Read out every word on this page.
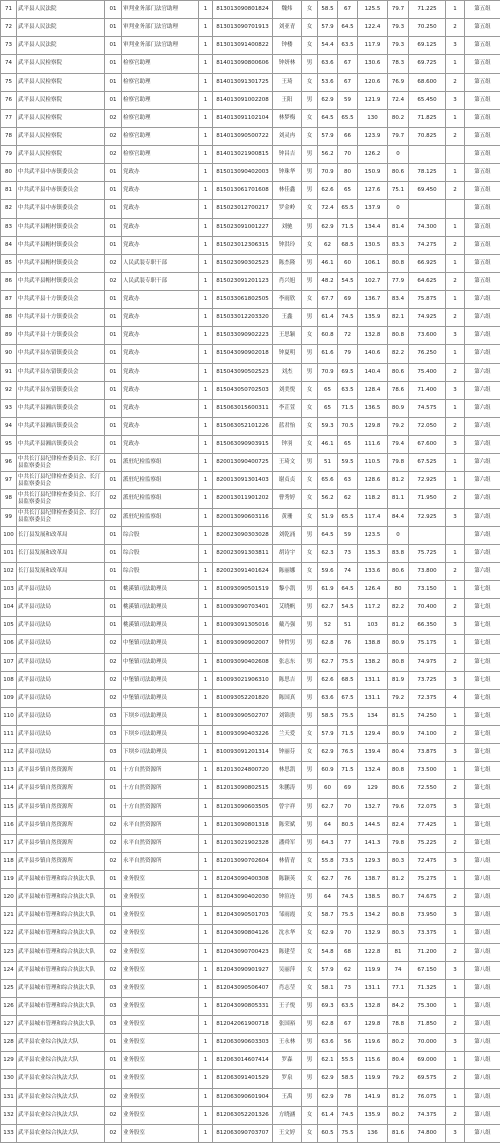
71	武平县人民法院	01	审判业务部门法官助理	1	813013090801824	魏炜	女	58.5	67	125.5	79.7	71.225	1	第五组
72	武平县人民法院	01	审判业务部门法官助理	1	813013090701913	刘亚青	女	57.9	64.5	122.4	79.3	70.250	2	第五组
73	武平县人民法院	01	审判业务部门法官助理	1	813013091400822	钟楼	女	54.4	63.5	117.9	79.3	69.125	3	第五组
74	武平县人民检察院	01	检察官助理	1	814013090800606	钟妍林	男	63.6	67	130.6	78.3	69.725	1	第五组
75	武平县人民检察院	01	检察官助理	1	814013091301725	王琦	女	53.6	67	120.6	76.9	68.600	2	第五组
76	武平县人民检察院	01	检察官助理	1	814013091002208	王阳	男	62.9	59	121.9	72.4	65.450	3	第五组
77	武平县人民检察院	02	检察官助理	1	814013091102104	林梦梅	女	64.5	65.5	130	80.2	71.825	1	第五组
78	武平县人民检察院	02	检察官助理	1	814013090500722	刘灵冉	女	57.9	66	123.9	79.7	70.825	2	第五组
79	武平县人民检察院	02	检察官助理	1	814013021900815	钟昌吉	男	56.2	70	126.2	0			第五组
80	中共武平县中赤镇委员会	01	党政办	1	815013090402003	钟珠华	男	70.9	80	150.9	80.6	78.125	1	第五组
81	中共武平县中赤镇委员会	01	党政办	1	815013061701608	林佳鑫	男	62.6	65	127.6	75.1	69.450	2	第五组
82	中共武平县中赤镇委员会	01	党政办	1	815023012700217	罗金岭	女	72.4	65.5	137.9	0			第五组
83	中共武平县帽村镇委员会	01	党政办	1	815023091001227	刘驰	男	62.9	71.5	134.4	81.4	74.300	1	第五组
84	中共武平县帽村镇委员会	01	党政办	1	815023012306315	钟洪玲	女	62	68.5	130.5	83.3	74.275	2	第五组
85	中共武平县帽村镇委员会	02	人民武装专职干部	1	815023090302523	陈杰隆	男	46.1	60	106.1	80.8	66.925	1	第五组
86	中共武平县帽村镇委员会	02	人民武装专职干部	1	815023091201123	肖兴旭	男	48.2	54.5	102.7	77.9	64.625	2	第五组
87	中共武平县十方镇委员会	01	党政办	1	815033061802505	李雨欣	女	67.7	69	136.7	83.4	75.875	1	第六组
88	中共武平县十方镇委员会	01	党政办	1	815033012203320	王鑫	男	61.4	74.5	135.9	82.1	74.925	2	第六组
89	中共武平县十方镇委员会	01	党政办	1	815033090902223	王思颖	女	60.8	72	132.8	80.8	73.600	3	第六组
90	中共武平县东留镇委员会	01	党政办	1	815043090902018	钟夏明	男	61.6	79	140.6	82.2	76.250	1	第六组
91	中共武平县东留镇委员会	01	党政办	1	815043090502523	刘杰	男	70.9	69.5	140.4	80.6	75.400	2	第六组
92	中共武平县东留镇委员会	01	党政办	1	815043050702503	刘美悦	女	65	63.5	128.4	78.6	71.400	3	第六组
93	中共武平县湘店镇委员会	01	党政办	1	815063015600311	李芷萱	女	65	71.5	136.5	80.9	74.575	1	第六组
94	中共武平县湘店镇委员会	01	党政办	1	815063052101226	蓝君怡	女	59.3	70.5	129.8	79.2	72.050	2	第六组
95	中共武平县湘店镇委员会	01	党政办	1	815063090903915	钟羽	女	46.1	65	111.6	79.4	67.600	3	第六组
96	中共长汀县纪律检查委员会、长汀县监察委员会	01	派驻纪检监察组	1	820013090400725	王琦文	男	51	59.5	110.5	79.8	67.525	1	第六组
97	中共长汀县纪律检查委员会、长汀县监察委员会	01	派驻纪检监察组	1	820013091301403	谢贞贞	女	65.6	63	128.6	81.2	72.925	1	第六组
98	中共长汀县纪律检查委员会、长汀县监察委员会	02	派驻纪检监察组	1	820013011901202	曹秀婷	女	56.2	62	118.2	81.1	71.950	2	第六组
99	中共长汀县纪律检查委员会、长汀县监察委员会	02	派驻纪检监察组	1	820013090603116	黄珊	女	51.9	65.5	117.4	84.4	72.925	3	第六组
100	长汀县发展和改革局	01	综合股	1	820023090303028	刘乾涌	男	64.5	59	123.5	0			第六组
101	长汀县发展和改革局	01	综合股	1	820023091303811	胡诗宇	女	62.3	73	135.3	83.8	75.725	1	第六组
102	长汀县发展和改革局	01	综合股	1	820023091401624	陈丽娜	女	59.6	74	133.6	80.6	73.800	2	第六组
103	武平县司法局	01	桃溪镇司法助理员	1	810093090501519	黎小凯	男	61.9	64.5	126.4	80	73.150	1	第七组
104	武平县司法局	01	桃溪镇司法助理员	1	810093090703401	艾晓帆	男	62.7	54.5	117.2	82.2	70.400	2	第七组
105	武平县司法局	01	桃溪镇司法助理员	1	810093091305016	戴乃强	男	52	51	103	81.2	66.350	3	第七组
106	武平县司法局	02	中堡镇司法助理员	1	810093090902007	钟哲男	男	62.8	76	138.8	80.9	75.175	1	第七组
107	武平县司法局	02	中堡镇司法助理员	1	810093090402608	张志东	男	62.7	75.5	138.2	80.8	74.975	2	第七组
108	武平县司法局	02	中堡镇司法助理员	1	810093021906310	陈思吉	男	62.6	68.5	131.1	81.9	73.725	3	第七组
109	武平县司法局	02	中堡镇司法助理员	1	810093052201820	陈国真	男	63.6	67.5	131.1	79.2	72.375	4	第七组
110	武平县司法局	03	下坝乡司法助理员	1	810093090502707	刘锦贵	男	58.5	75.5	134	81.5	74.250	1	第七组
111	武平县司法局	03	下坝乡司法助理员	1	810093090403226	兰天爱	女	57.9	71.5	129.4	80.9	74.100	2	第七组
112	武平县司法局	03	下坝乡司法助理员	1	810093091201314	钟丽芬	女	62.9	76.5	139.4	80.4	73.875	3	第七组
113	武平县乡镇自然资源所	01	十方自然资源所	1	812013024800720	林思凯	男	60.9	71.5	132.4	80.8	73.500	1	第七组
114	武平县乡镇自然资源所	01	十方自然资源所	1	812013090802515	朱鹏涛	男	60	69	129	80.6	72.550	2	第七组
115	武平县乡镇自然资源所	01	十方自然资源所	1	812013090603505	曾宇祥	男	62.7	70	132.7	79.6	72.075	3	第七组
116	武平县乡镇自然资源所	02	永平自然资源所	1	812013090801318	陈荣斌	男	64	80.5	144.5	82.4	77.425	1	第七组
117	武平县乡镇自然资源所	02	永平自然资源所	1	812013021902328	潘舜军	男	64.3	77	141.3	79.8	75.225	2	第七组
118	武平县乡镇自然资源所	02	永平自然资源所	1	812013090702604	林倩青	女	55.8	73.5	129.3	80.3	72.475	3	第八组
119	武平县城市管理和综合执法大队	01	业务股室	1	812043090400308	陈颖英	女	62.7	76	138.7	81.2	75.275	1	第八组
120	武平县城市管理和综合执法大队	01	业务股室	1	812043090402030	钟渲连	男	64	74.5	138.5	80.7	74.675	2	第八组
121	武平县城市管理和综合执法大队	01	业务股室	1	812043090501703	邹雨霞	女	58.7	75.5	134.2	80.8	73.950	3	第八组
122	武平县城市管理和综合执法大队	02	业务股室	1	812043090804126	沈水华	女	62.9	70	132.9	80.3	73.375	1	第八组
123	武平县城市管理和综合执法大队	02	业务股室	1	812043090700423	陈建莹	女	54.8	68	122.8	81	71.200	2	第八组
124	武平县城市管理和综合执法大队	02	业务股室	1	812043090901927	吴丽萍	女	57.9	62	119.9	74	67.150	3	第八组
125	武平县城市管理和综合执法大队	03	业务股室	1	812043090506407	肖志莹	女	58.1	73	131.1	77.1	71.325	1	第八组
126	武平县城市管理和综合执法大队	03	业务股室	1	812043090805331	王子悦	男	69.3	63.5	132.8	84.2	75.300	1	第八组
127	武平县城市管理和综合执法大队	03	业务股室	1	812042061900718	张国裕	男	62.8	67	129.8	78.8	71.850	2	第八组
128	武平县农业综合执法大队	01	业务股室	1	812063090603303	王永林	男	63.6	56	119.6	80.2	70.000	3	第八组
129	武平县农业综合执法大队	01	业务股室	1	812063014607414	罗森	男	62.1	55.5	115.6	80.4	69.000	1	第八组
130	武平县农业综合执法大队	01	业务股室	1	812063091401529	罗泉	男	62.9	58.5	119.9	79.2	69.575	2	第八组
131	武平县农业综合执法大队	02	业务股室	1	812063090601904	王禹	男	62.9	78	141.9	81.2	76.075	1	第八组
132	武平县农业综合执法大队	02	业务股室	1	812063052201326	方晓涵	女	61.4	74.5	135.9	80.2	74.375	2	第八组
133	武平县农业综合执法大队	02	业务股室	1	812063090703707	王文婷	女	60.5	75.5	136	81.6	74.800	3	第八组
